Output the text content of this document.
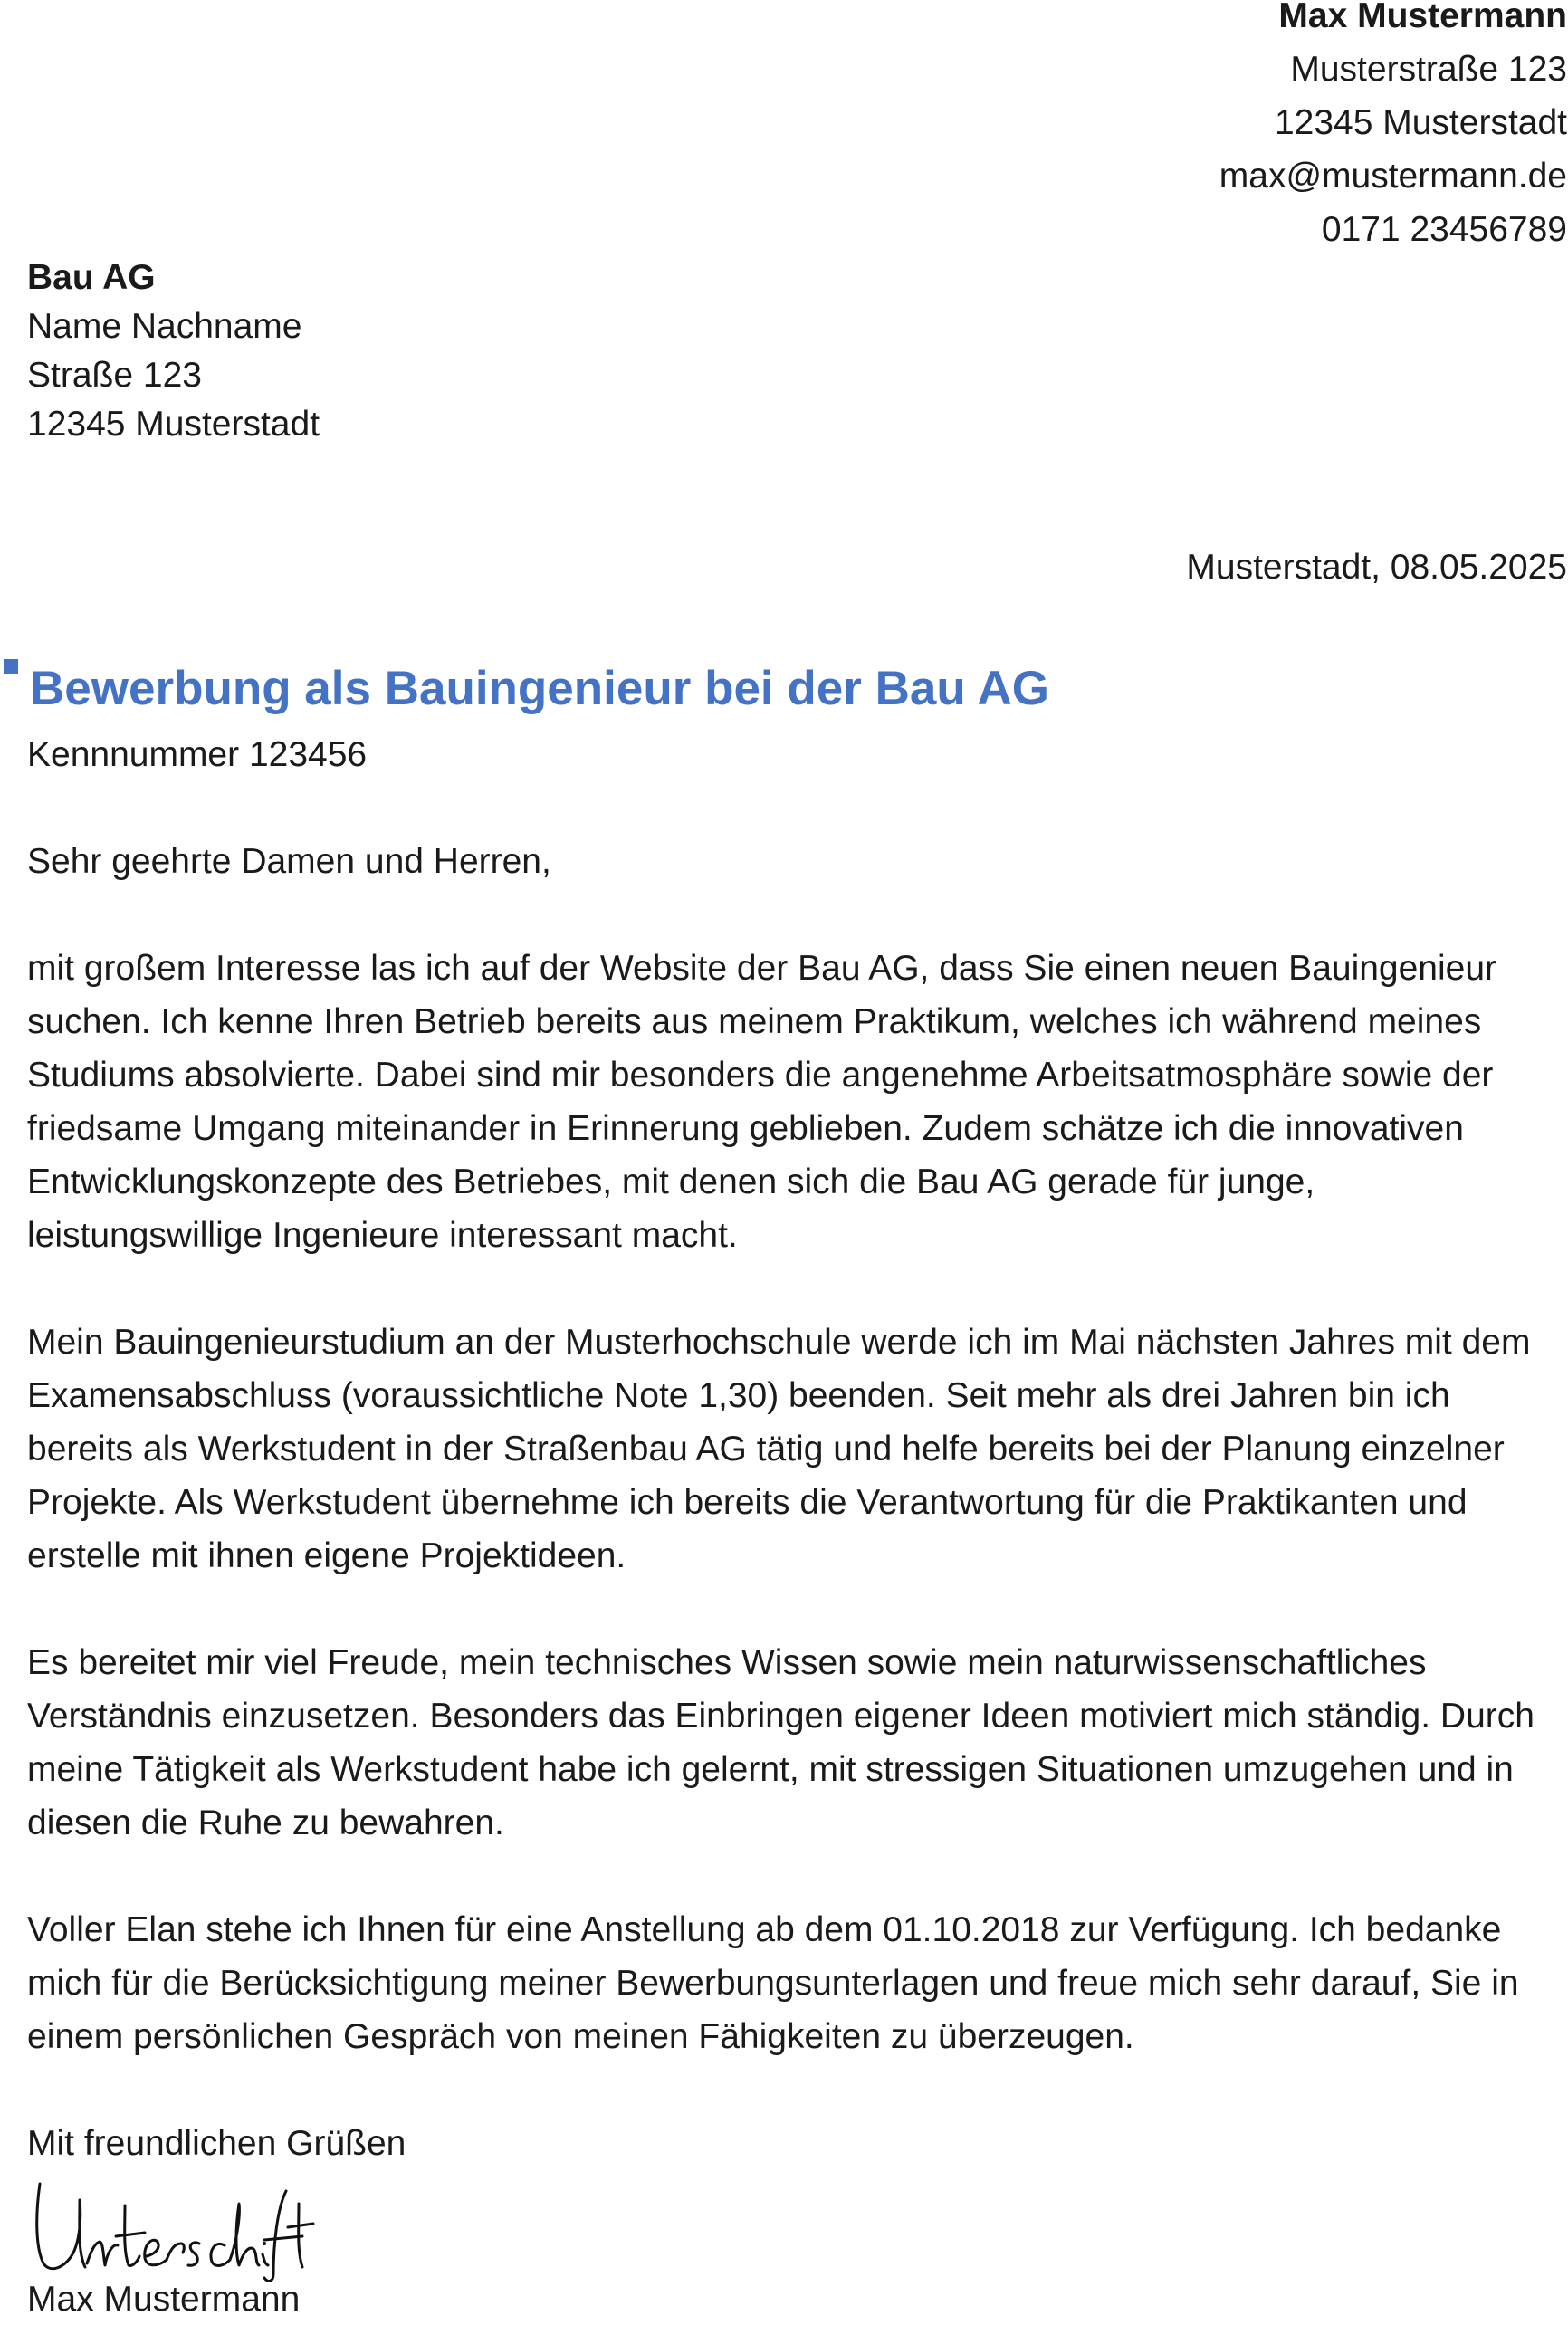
Max Mustermann
Musterstraße 123
12345 Musterstadt
max@mustermann.de
0171 23456789
Bau AG
Name Nachname
Straße 123
12345 Musterstadt
Musterstadt, 08.05.2025
Bewerbung als Bauingenieur bei der Bau AG
Kennnummer 123456

Sehr geehrte Damen und Herren,

mit großem Interesse las ich auf der Website der Bau AG, dass Sie einen neuen Bauingenieur suchen. Ich kenne Ihren Betrieb bereits aus meinem Praktikum, welches ich während meines Studiums absolvierte. Dabei sind mir besonders die angenehme Arbeitsatmosphäre sowie der friedsame Umgang miteinander in Erinnerung geblieben. Zudem schätze ich die innovativen Entwicklungskonzepte des Betriebes, mit denen sich die Bau AG gerade für junge, leistungswillige Ingenieure interessant macht.

Mein Bauingenieurstudium an der Musterhochschule werde ich im Mai nächsten Jahres mit dem Examensabschluss (voraussichtliche Note 1,30) beenden. Seit mehr als drei Jahren bin ich bereits als Werkstudent in der Straßenbau AG tätig und helfe bereits bei der Planung einzelner Projekte. Als Werkstudent übernehme ich bereits die Verantwortung für die Praktikanten und erstelle mit ihnen eigene Projektideen.

Es bereitet mir viel Freude, mein technisches Wissen sowie mein naturwissenschaftliches Verständnis einzusetzen. Besonders das Einbringen eigener Ideen motiviert mich ständig. Durch meine Tätigkeit als Werkstudent habe ich gelernt, mit stressigen Situationen umzugehen und in diesen die Ruhe zu bewahren.

Voller Elan stehe ich Ihnen für eine Anstellung ab dem 01.10.2018 zur Verfügung. Ich bedanke mich für die Berücksichtigung meiner Bewerbungsunterlagen und freue mich sehr darauf, Sie in einem persönlichen Gespräch von meinen Fähigkeiten zu überzeugen.

Mit freundlichen Grüßen

Max Mustermann
